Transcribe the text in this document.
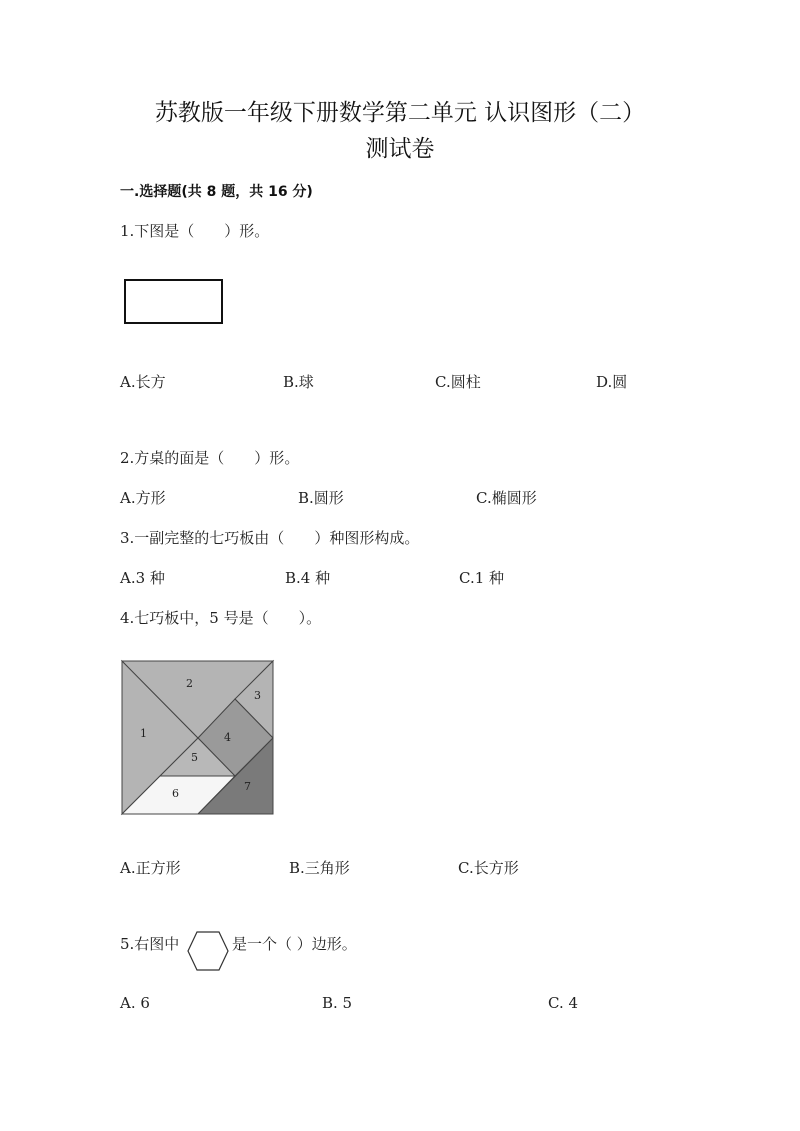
苏教版一年级下册数学第二单元 认识图形（二）
测试卷
一.选择题(共 8 题，共 16 分)
1.下图是（　　）形。
A.长方	B.球	C.圆柱	D.圆
2.方桌的面是（　　）形。
A.方形	B.圆形	C.椭圆形
3.一副完整的七巧板由（　　）种图形构成。
A.3 种	B.4 种	C.1 种
4.七巧板中，5 号是（　　）。
2
1
3
4
5
6
7
A.正方形	B.三角形	C.长方形
5.右图中	是一个（ ）边形。
A. 6	B. 5	C. 4
